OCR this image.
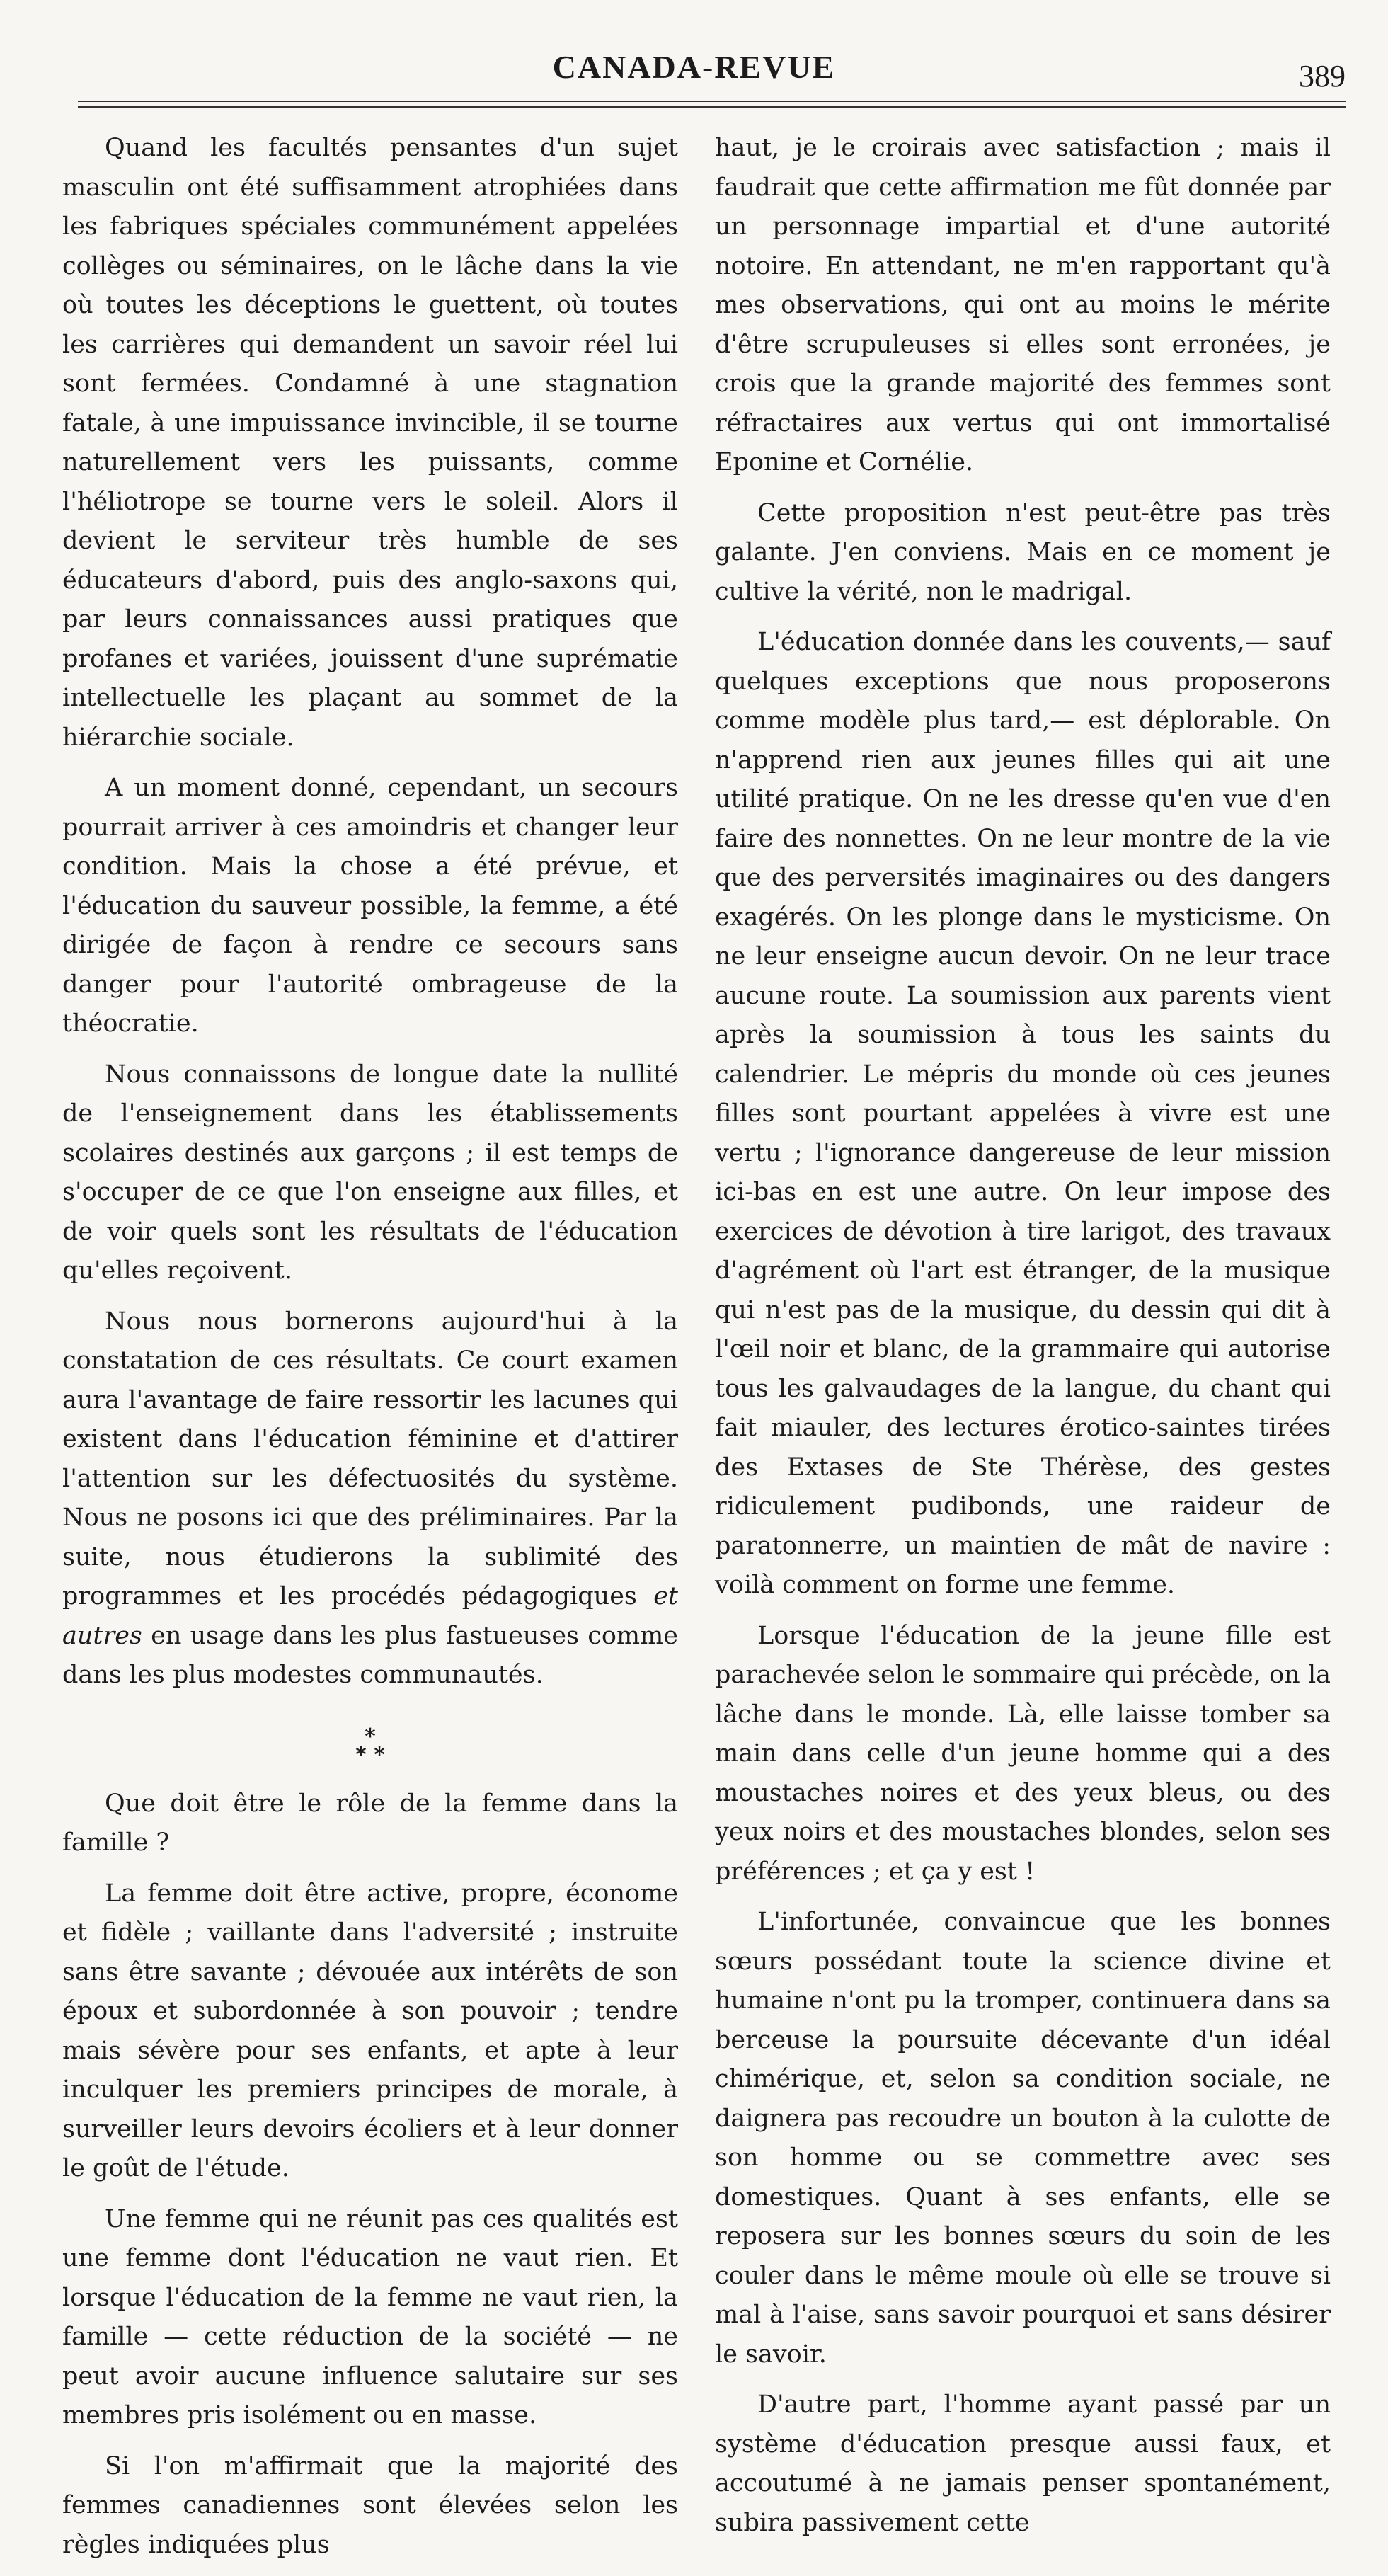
CANADA-REVUE	389

Quand les facultés pensantes d'un sujet masculin ont été suffisamment atrophiées dans les fabriques spéciales communément appelées collèges ou séminaires, on le lâche dans la vie où toutes les déceptions le guettent, où toutes les carrières qui demandent un savoir réel lui sont fermées. Condamné à une stagnation fatale, à une impuissance invincible, il se tourne naturellement vers les puissants, comme l'héliotrope se tourne vers le soleil. Alors il devient le serviteur très humble de ses éducateurs d'abord, puis des anglo-saxons qui, par leurs connaissances aussi pratiques que profanes et variées, jouissent d'une suprématie intellectuelle les plaçant au sommet de la hiérarchie sociale.

A un moment donné, cependant, un secours pourrait arriver à ces amoindris et changer leur condition. Mais la chose a été prévue, et l'éducation du sauveur possible, la femme, a été dirigée de façon à rendre ce secours sans danger pour l'autorité ombrageuse de la théocratie.

Nous connaissons de longue date la nullité de l'enseignement dans les établissements scolaires destinés aux garçons ; il est temps de s'occuper de ce que l'on enseigne aux filles, et de voir quels sont les résultats de l'éducation qu'elles reçoivent.

Nous nous bornerons aujourd'hui à la constatation de ces résultats. Ce court examen aura l'avantage de faire ressortir les lacunes qui existent dans l'éducation féminine et d'attirer l'attention sur les défectuosités du système. Nous ne posons ici que des préliminaires. Par la suite, nous étudierons la sublimité des programmes et les procédés pédagogiques et autres en usage dans les plus fastueuses comme dans les plus modestes communautés.

*
* *

Que doit être le rôle de la femme dans la famille ?

La femme doit être active, propre, économe et fidèle ; vaillante dans l'adversité ; instruite sans être savante ; dévouée aux intérêts de son époux et subordonnée à son pouvoir ; tendre mais sévère pour ses enfants, et apte à leur inculquer les premiers principes de morale, à surveiller leurs devoirs écoliers et à leur donner le goût de l'étude.

Une femme qui ne réunit pas ces qualités est une femme dont l'éducation ne vaut rien. Et lorsque l'éducation de la femme ne vaut rien, la famille — cette réduction de la société — ne peut avoir aucune influence salutaire sur ses membres pris isolément ou en masse.

Si l'on m'affirmait que la majorité des femmes canadiennes sont élevées selon les règles indiquées plus

haut, je le croirais avec satisfaction ; mais il faudrait que cette affirmation me fût donnée par un personnage impartial et d'une autorité notoire. En attendant, ne m'en rapportant qu'à mes observations, qui ont au moins le mérite d'être scrupuleuses si elles sont erronées, je crois que la grande majorité des femmes sont réfractaires aux vertus qui ont immortalisé Eponine et Cornélie.

Cette proposition n'est peut-être pas très galante. J'en conviens. Mais en ce moment je cultive la vérité, non le madrigal.

L'éducation donnée dans les couvents,— sauf quelques exceptions que nous proposerons comme modèle plus tard,— est déplorable. On n'apprend rien aux jeunes filles qui ait une utilité pratique. On ne les dresse qu'en vue d'en faire des nonnettes. On ne leur montre de la vie que des perversités imaginaires ou des dangers exagérés. On les plonge dans le mysticisme. On ne leur enseigne aucun devoir. On ne leur trace aucune route. La soumission aux parents vient après la soumission à tous les saints du calendrier. Le mépris du monde où ces jeunes filles sont pourtant appelées à vivre est une vertu ; l'ignorance dangereuse de leur mission ici-bas en est une autre. On leur impose des exercices de dévotion à tire larigot, des travaux d'agrément où l'art est étranger, de la musique qui n'est pas de la musique, du dessin qui dit à l'œil noir et blanc, de la grammaire qui autorise tous les galvaudages de la langue, du chant qui fait miauler, des lectures érotico-saintes tirées des Extases de Ste Thérèse, des gestes ridiculement pudibonds, une raideur de paratonnerre, un maintien de mât de navire : voilà comment on forme une femme.

Lorsque l'éducation de la jeune fille est parachevée selon le sommaire qui précède, on la lâche dans le monde. Là, elle laisse tomber sa main dans celle d'un jeune homme qui a des moustaches noires et des yeux bleus, ou des yeux noirs et des moustaches blondes, selon ses préférences ; et ça y est !

L'infortunée, convaincue que les bonnes sœurs possédant toute la science divine et humaine n'ont pu la tromper, continuera dans sa berceuse la poursuite décevante d'un idéal chimérique, et, selon sa condition sociale, ne daignera pas recoudre un bouton à la culotte de son homme ou se commettre avec ses domestiques. Quant à ses enfants, elle se reposera sur les bonnes sœurs du soin de les couler dans le même moule où elle se trouve si mal à l'aise, sans savoir pourquoi et sans désirer le savoir.

D'autre part, l'homme ayant passé par un système d'éducation presque aussi faux, et accoutumé à ne jamais penser spontanément, subira passivement cette
